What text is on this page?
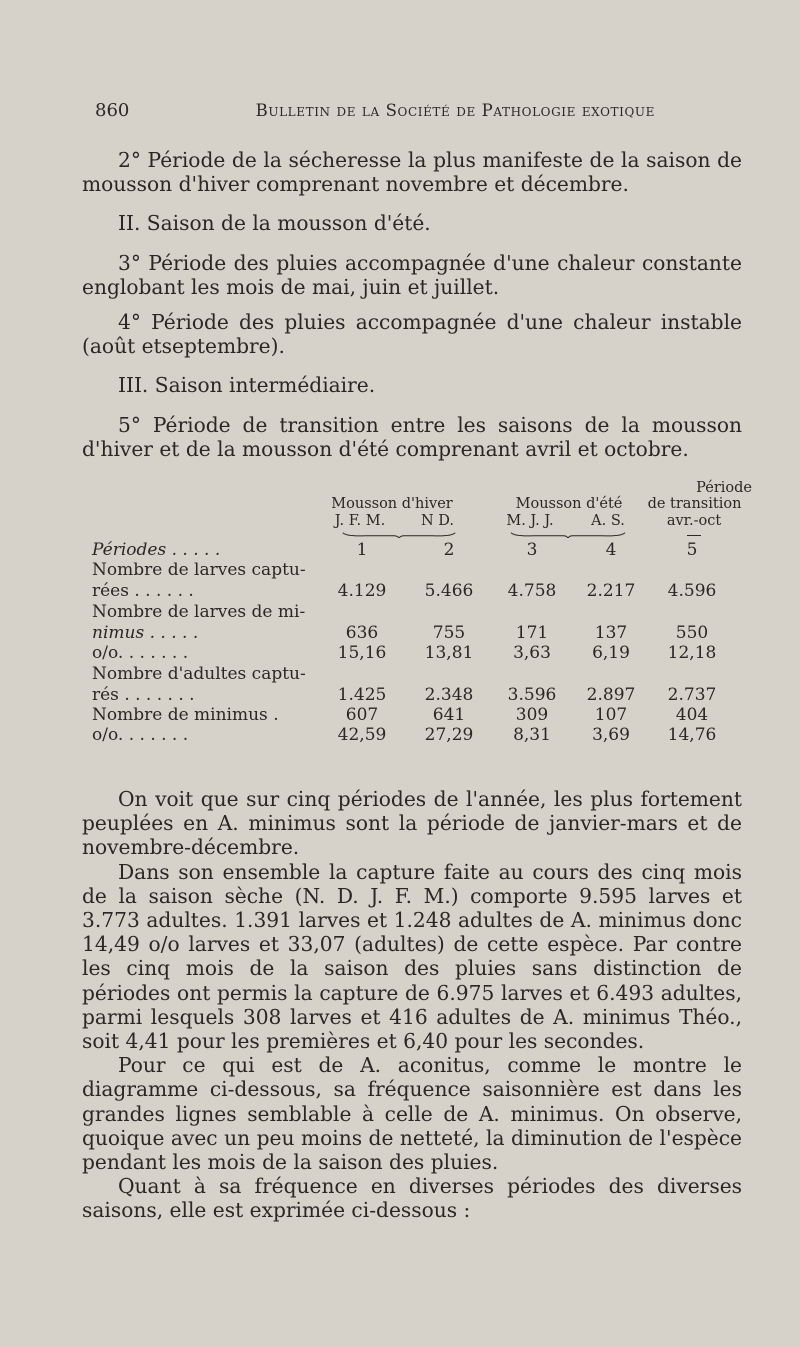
860	Bulletin de la Société de Pathologie exotique

2° Période de la sécheresse la plus manifeste de la saison de mousson d'hiver comprenant novembre et décembre.

II. Saison de la mousson d'été.

3° Période des pluies accompagnée d'une chaleur constante englobant les mois de mai, juin et juillet.

4° Période des pluies accompagnée d'une chaleur instable (août etseptembre).

III. Saison intermédiaire.

5° Période de transition entre les saisons de la mousson d'hiver et de la mousson d'été comprenant avril et octobre.

Mousson d'hiver	Mousson d'été
Période
de transition
J. F. M.	N D.	M. J. J.	A. S.	avr.-oct
Périodes . . . . .	1	2	3	4	5
Nombre de larves captu-
rées . . . . . .	4.129	5.466	4.758	2.217	4.596
Nombre de larves de mi-
nimus . . . . .	636	755	171	137	550
o/o. . . . . . .	15,16	13,81	3,63	6,19	12,18
Nombre d'adultes captu-
rés . . . . . . .	1.425	2.348	3.596	2.897	2.737
Nombre de minimus .	607	641	309	107	404
o/o. . . . . . .	42,59	27,29	8,31	3,69	14,76

On voit que sur cinq périodes de l'année, les plus fortement peuplées en A. minimus sont la période de janvier-mars et de novembre-décembre.

Dans son ensemble la capture faite au cours des cinq mois de la saison sèche (N. D. J. F. M.) comporte 9.595 larves et 3.773 adultes. 1.391 larves et 1.248 adultes de A. minimus donc 14,49 o/o larves et 33,07 (adultes) de cette espèce. Par contre les cinq mois de la saison des pluies sans distinction de périodes ont permis la capture de 6.975 larves et 6.493 adultes, parmi lesquels 308 larves et 416 adultes de A. minimus Théo., soit 4,41 pour les premières et 6,40 pour les secondes.

Pour ce qui est de A. aconitus, comme le montre le diagramme ci-dessous, sa fréquence saisonnière est dans les grandes lignes semblable à celle de A. minimus. On observe, quoique avec un peu moins de netteté, la diminution de l'espèce pendant les mois de la saison des pluies.

Quant à sa fréquence en diverses périodes des diverses saisons, elle est exprimée ci-dessous :
